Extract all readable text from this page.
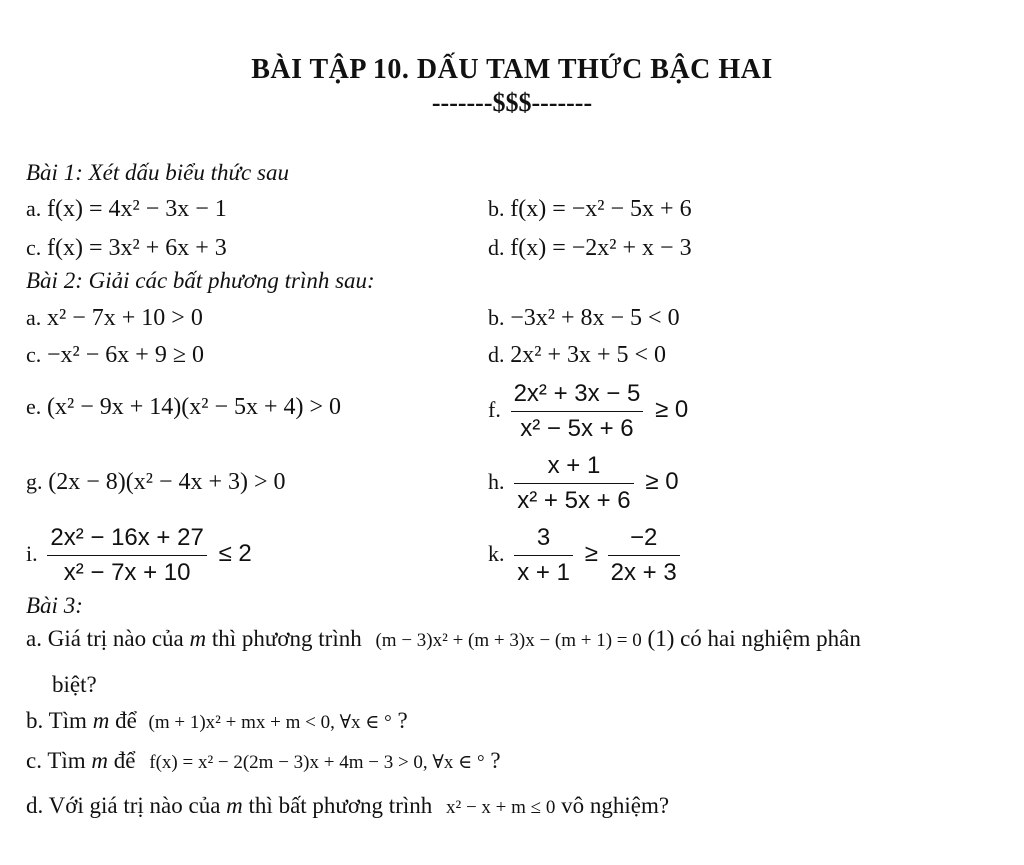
BÀI TẬP 10. DẤU TAM THỨC BẬC HAI
-------$$$-------
Bài 1: Xét dấu biểu thức sau
a. f(x) = 4x² − 3x − 1	b. f(x) = −x² − 5x + 6
c. f(x) = 3x² + 6x + 3	d. f(x) = −2x² + x − 3
Bài 2: Giải các bất phương trình sau:
a. x² − 7x + 10 > 0	b. −3x² + 8x − 5 < 0
c. −x² − 6x + 9 ≥ 0	d. 2x² + 3x + 5 < 0
e. (x² − 9x + 14)(x² − 5x + 4) > 0	f. $\frac{\text{2x² + 3x − 5}}{\text{x² − 5x + 6}} \ge 0$
g. (2x − 8)(x² − 4x + 3) > 0	h. $\frac{x + 1}{\text{x² + 5x + 6}} \ge 0$
i. $\frac{\text{2x² − 16x + 27}}{\text{x² − 7x + 10}} \le 2$	k. $\frac{3}{x + 1} \ge \frac{-2}{2x + 3}$
Bài 3:
a. Giá trị nào của m thì phương trình (m − 3)x² + (m + 3)x − (m + 1) = 0 (1) có hai nghiệm phân
biệt?
b. Tìm m để (m + 1)x² + mx + m < 0, ∀x ∈ ° ?
c. Tìm m để f(x) = x² − 2(2m − 3)x + 4m − 3 > 0, ∀x ∈ ° ?
d. Với giá trị nào của m thì bất phương trình x² − x + m ≤ 0 vô nghiệm?
